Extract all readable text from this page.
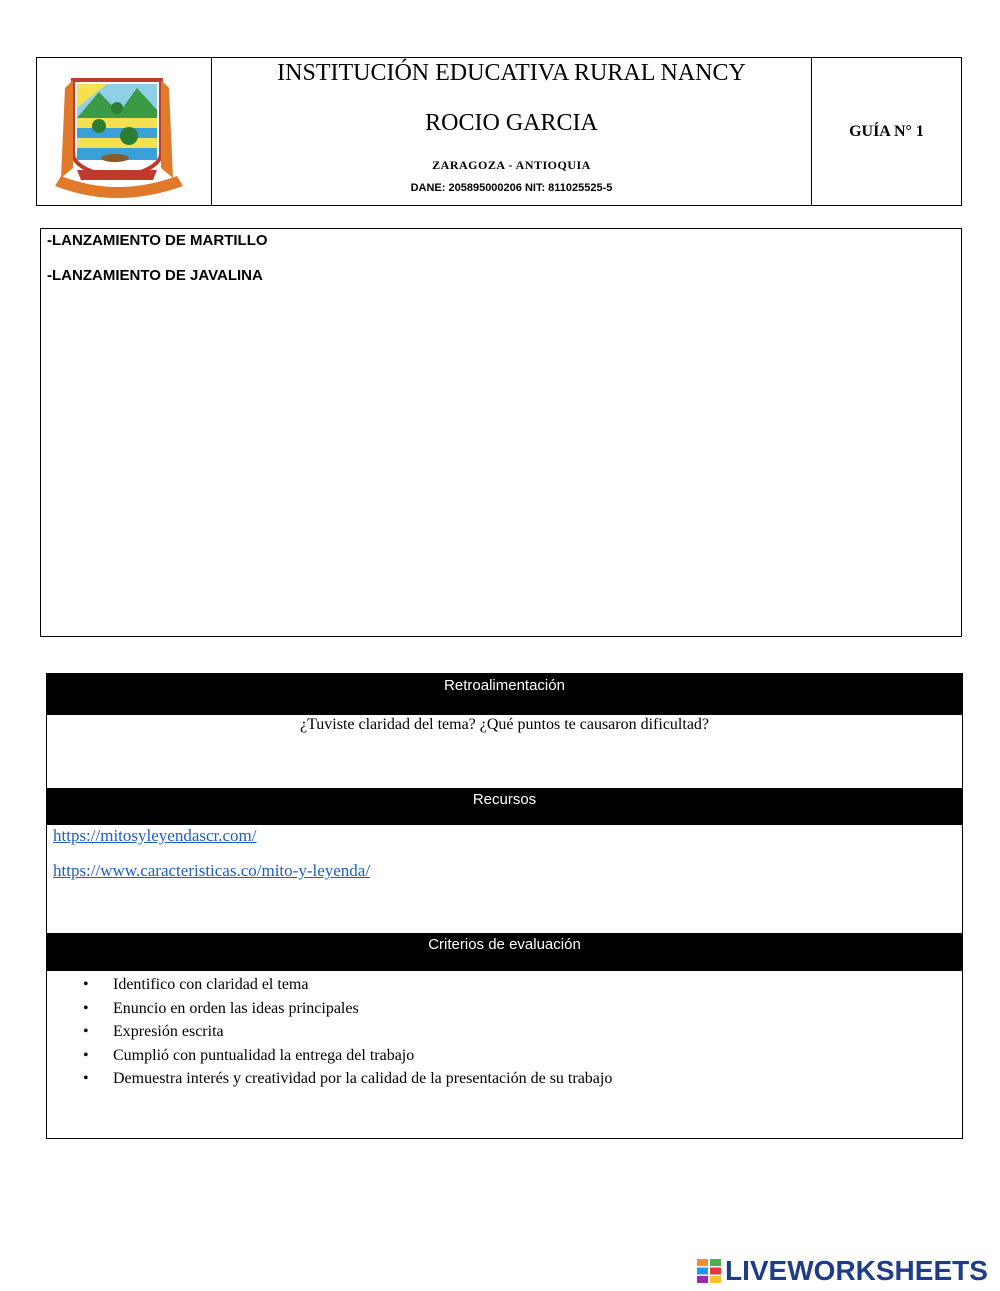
INSTITUCIÓN EDUCATIVA RURAL NANCY
ROCIO GARCIA
ZARAGOZA - ANTIOQUIA
DANE: 205895000206 NIT: 811025525-5
GUÍA N° 1
-LANZAMIENTO DE MARTILLO
-LANZAMIENTO DE JAVALINA
Retroalimentación
¿Tuviste claridad del tema? ¿Qué puntos te causaron dificultad?
Recursos
https://mitosyleyendascr.com/
https://www.caracteristicas.co/mito-y-leyenda/
Criterios de evaluación
• Identifico con claridad el tema
• Enuncio en orden las ideas principales
• Expresión escrita
• Cumplió con puntualidad la entrega del trabajo
• Demuestra interés y creatividad por la calidad de la presentación de su trabajo
LIVEWORKSHEETS
